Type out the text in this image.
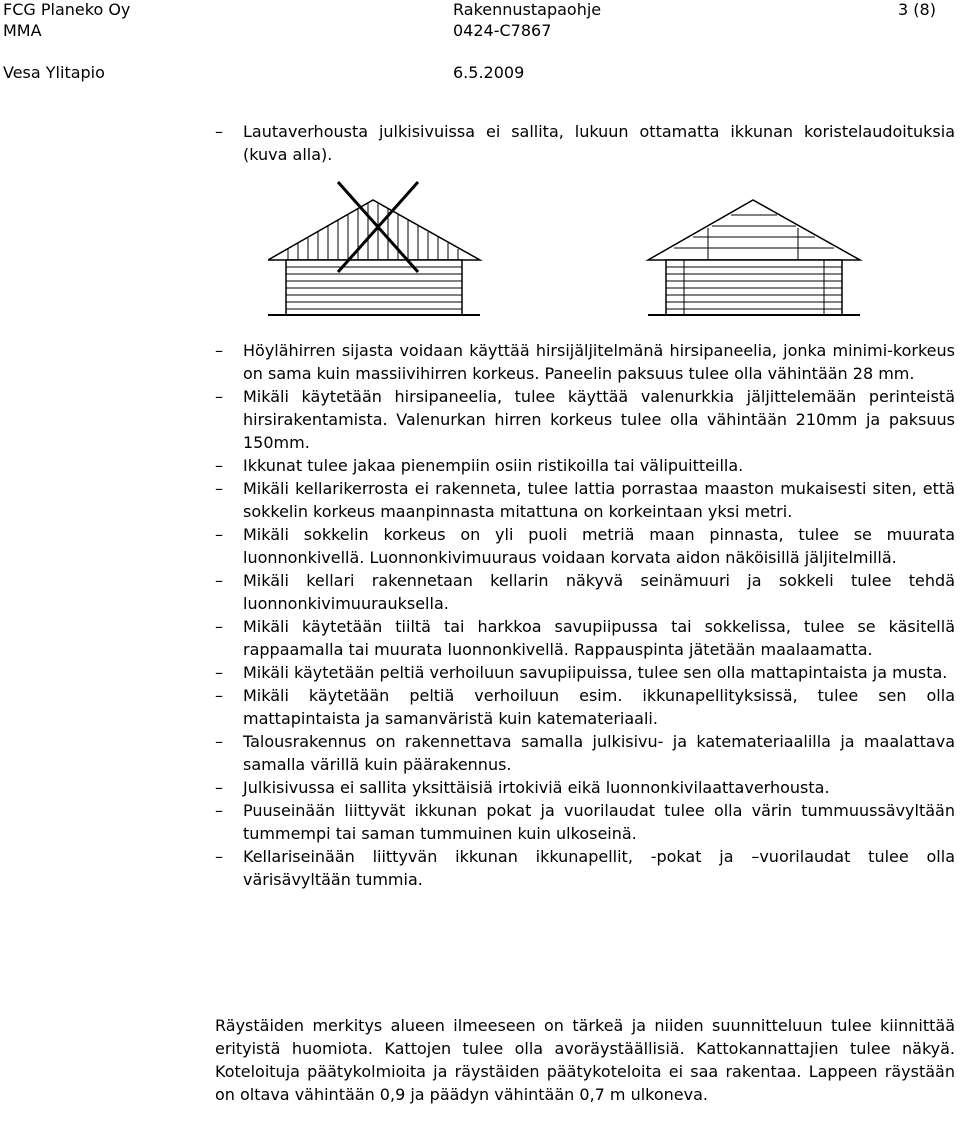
FCG Planeko Oy	Rakennustapaohje	3 (8)
MMA	0424-C7867
Vesa Ylitapio	6.5.2009
–	Lautaverhousta julkisivuissa ei sallita, lukuun ottamatta ikkunan koristelaudoituksia (kuva alla).
–	Höylähirren sijasta voidaan käyttää hirsijäljitelmänä hirsipaneelia, jonka minimi-korkeus on sama kuin massiivihirren korkeus. Paneelin paksuus tulee olla vähintään 28 mm.
–	Mikäli käytetään hirsipaneelia, tulee käyttää valenurkkia jäljittelemään perinteistä hirsirakentamista. Valenurkan hirren korkeus tulee olla vähintään 210mm ja paksuus 150mm.
–	Ikkunat tulee jakaa pienempiin osiin ristikoilla tai välipuitteilla.
–	Mikäli kellarikerrosta ei rakenneta, tulee lattia porrastaa maaston mukaisesti siten, että sokkelin korkeus maanpinnasta mitattuna on korkeintaan yksi metri.
–	Mikäli sokkelin korkeus on yli puoli metriä maan pinnasta, tulee se muurata luonnonkivellä. Luonnonkivimuuraus voidaan korvata aidon näköisillä jäljitelmillä.
–	Mikäli kellari rakennetaan kellarin näkyvä seinämuuri ja sokkeli tulee tehdä luonnonkivimuurauksella.
–	Mikäli käytetään tiiltä tai harkkoa savupiipussa tai sokkelissa, tulee se käsitellä rappaamalla tai muurata luonnonkivellä. Rappauspinta jätetään maalaamatta.
–	Mikäli käytetään peltiä verhoiluun savupiipuissa, tulee sen olla mattapintaista ja musta.
–	Mikäli käytetään peltiä verhoiluun esim. ikkunapellityksissä, tulee sen olla mattapintaista ja samanväristä kuin katemateriaali.
–	Talousrakennus on rakennettava samalla julkisivu- ja katemateriaalilla ja maalattava samalla värillä kuin päärakennus.
–	Julkisivussa ei sallita yksittäisiä irtokiviä eikä luonnonkivilaattaverhousta.
–	Puuseinään liittyvät ikkunan pokat ja vuorilaudat tulee olla värin tummuussävyltään tummempi tai saman tummuinen kuin ulkoseinä.
–	Kellariseinään liittyvän ikkunan ikkunapellit, -pokat ja –vuorilaudat tulee olla värisävyltään tummia.

Räystäiden merkitys alueen ilmeeseen on tärkeä ja niiden suunnitteluun tulee kiinnittää erityistä huomiota. Kattojen tulee olla avoräystäällisiä. Kattokannattajien tulee näkyä. Koteloituja päätykolmioita ja räystäiden päätykoteloita ei saa rakentaa. Lappeen räystään on oltava vähintään 0,9 ja päädyn vähintään 0,7 m ulkoneva.
